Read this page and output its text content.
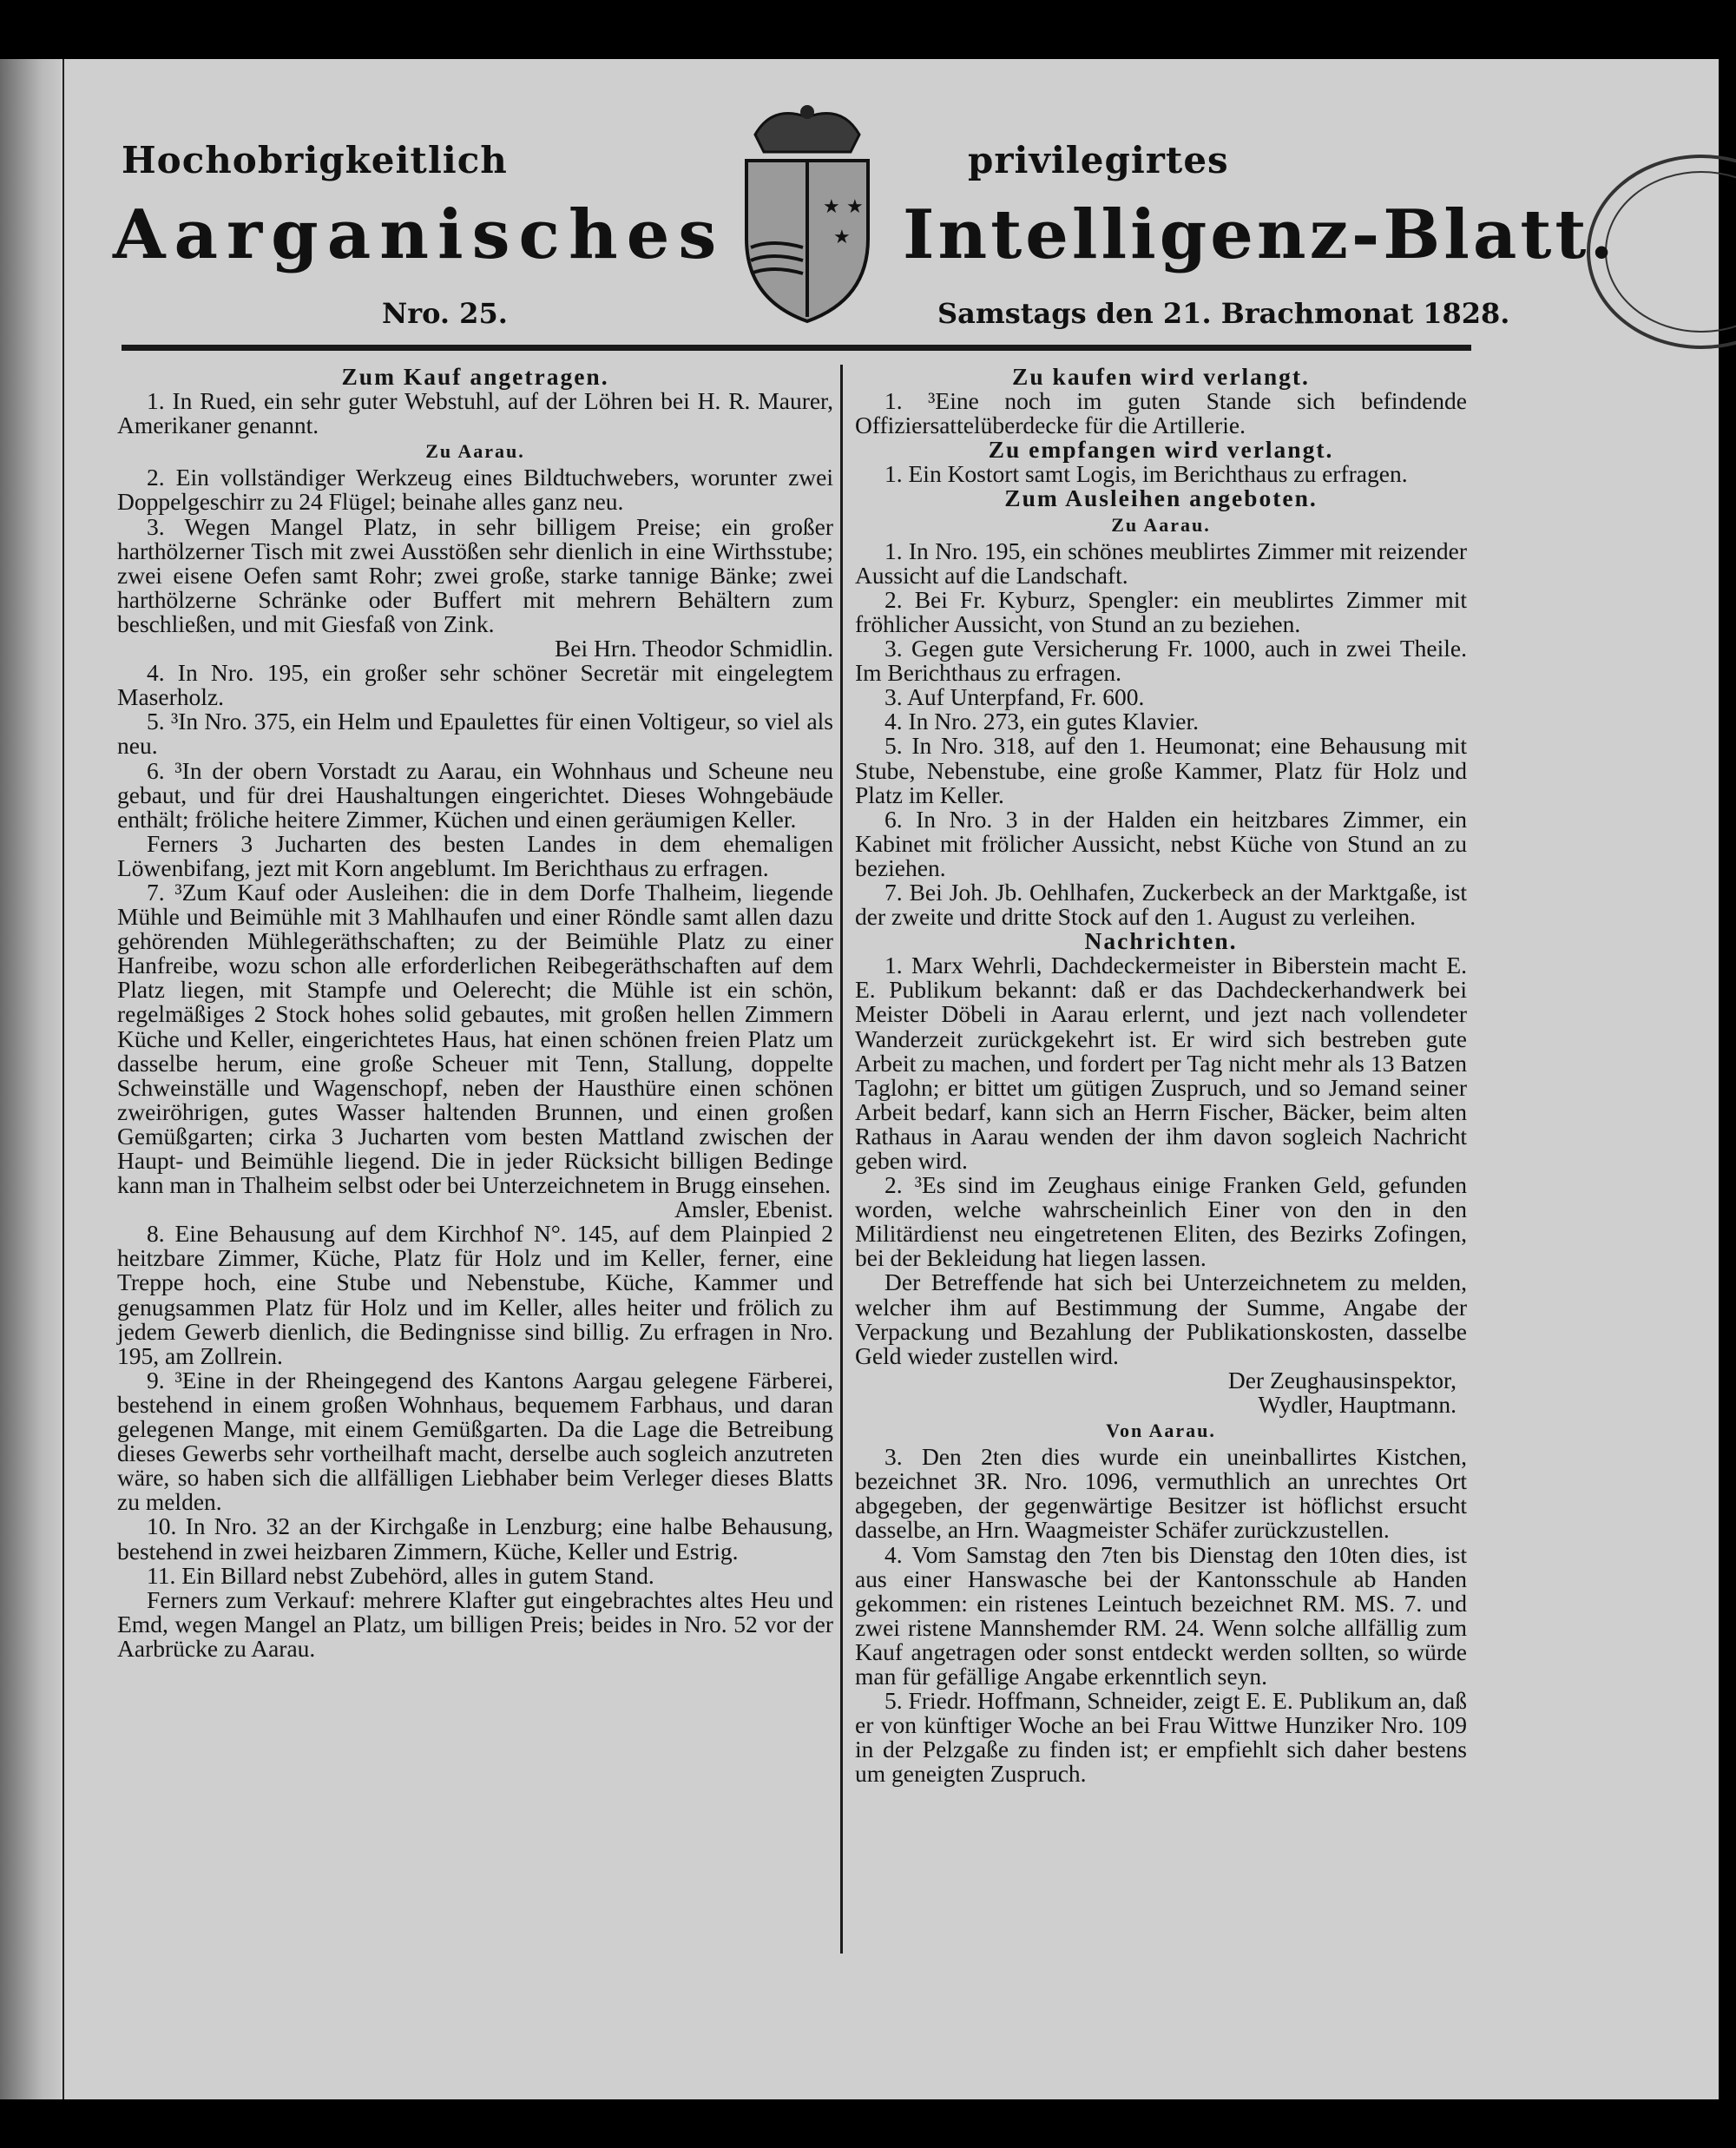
Hochobrigkeitlich	privilegirtes
Aarganisches	Intelligenz-Blatt.
★ ★
★
Nro. 25.	Samstags den 21. Brachmonat 1828.

Zum Kauf angetragen.

1. In Rued, ein sehr guter Webstuhl, auf der Löhren bei H. R. Maurer, Amerikaner genannt.

Zu Aarau.

2. Ein vollständiger Werkzeug eines Bildtuchwebers, worunter zwei Doppelgeschirr zu 24 Flügel; beinahe alles ganz neu.

3. Wegen Mangel Platz, in sehr billigem Preise; ein großer harthölzerner Tisch mit zwei Ausstößen sehr dienlich in eine Wirthsstube; zwei eisene Oefen samt Rohr; zwei große, starke tannige Bänke; zwei harthölzerne Schränke oder Buffert mit mehrern Behältern zum beschließen, und mit Giesfaß von Zink.

Bei Hrn. Theodor Schmidlin.

4. In Nro. 195, ein großer sehr schöner Secretär mit eingelegtem Maserholz.

5. ³In Nro. 375, ein Helm und Epaulettes für einen Voltigeur, so viel als neu.

6. ³In der obern Vorstadt zu Aarau, ein Wohnhaus und Scheune neu gebaut, und für drei Haushaltungen eingerichtet. Dieses Wohngebäude enthält; fröliche heitere Zimmer, Küchen und einen geräumigen Keller.

Ferners 3 Jucharten des besten Landes in dem ehemaligen Löwenbifang, jezt mit Korn angeblumt. Im Berichthaus zu erfragen.

7. ³Zum Kauf oder Ausleihen: die in dem Dorfe Thalheim, liegende Mühle und Beimühle mit 3 Mahlhaufen und einer Röndle samt allen dazu gehörenden Mühlegeräthschaften; zu der Beimühle Platz zu einer Hanfreibe, wozu schon alle erforderlichen Reibegeräthschaften auf dem Platz liegen, mit Stampfe und Oelerecht; die Mühle ist ein schön, regelmäßiges 2 Stock hohes solid gebautes, mit großen hellen Zimmern Küche und Keller, eingerichtetes Haus, hat einen schönen freien Platz um dasselbe herum, eine große Scheuer mit Tenn, Stallung, doppelte Schweinställe und Wagenschopf, neben der Hausthüre einen schönen zweiröhrigen, gutes Wasser haltenden Brunnen, und einen großen Gemüßgarten; cirka 3 Jucharten vom besten Mattland zwischen der Haupt- und Beimühle liegend. Die in jeder Rücksicht billigen Bedinge kann man in Thalheim selbst oder bei Unterzeichnetem in Brugg einsehen.

Amsler, Ebenist.

8. Eine Behausung auf dem Kirchhof N°. 145, auf dem Plainpied 2 heitzbare Zimmer, Küche, Platz für Holz und im Keller, ferner, eine Treppe hoch, eine Stube und Nebenstube, Küche, Kammer und genugsammen Platz für Holz und im Keller, alles heiter und frölich zu jedem Gewerb dienlich, die Bedingnisse sind billig. Zu erfragen in Nro. 195, am Zollrein.

9. ³Eine in der Rheingegend des Kantons Aargau gelegene Färberei, bestehend in einem großen Wohnhaus, bequemem Farbhaus, und daran gelegenen Mange, mit einem Gemüßgarten. Da die Lage die Betreibung dieses Gewerbs sehr vortheilhaft macht, derselbe auch sogleich anzutreten wäre, so haben sich die allfälligen Liebhaber beim Verleger dieses Blatts zu melden.

10. In Nro. 32 an der Kirchgaße in Lenzburg; eine halbe Behausung, bestehend in zwei heizbaren Zimmern, Küche, Keller und Estrig.

11. Ein Billard nebst Zubehörd, alles in gutem Stand.

Ferners zum Verkauf: mehrere Klafter gut eingebrachtes altes Heu und Emd, wegen Mangel an Platz, um billigen Preis; beides in Nro. 52 vor der Aarbrücke zu Aarau.

Zu kaufen wird verlangt.

1. ³Eine noch im guten Stande sich befindende Offiziersattelüberdecke für die Artillerie.

Zu empfangen wird verlangt.

1. Ein Kostort samt Logis, im Berichthaus zu erfragen.

Zum Ausleihen angeboten.

Zu Aarau.

1. In Nro. 195, ein schönes meublirtes Zimmer mit reizender Aussicht auf die Landschaft.

2. Bei Fr. Kyburz, Spengler: ein meublirtes Zimmer mit fröhlicher Aussicht, von Stund an zu beziehen.

3. Gegen gute Versicherung Fr. 1000, auch in zwei Theile. Im Berichthaus zu erfragen.

3. Auf Unterpfand, Fr. 600.

4. In Nro. 273, ein gutes Klavier.

5. In Nro. 318, auf den 1. Heumonat; eine Behausung mit Stube, Nebenstube, eine große Kammer, Platz für Holz und Platz im Keller.

6. In Nro. 3 in der Halden ein heitzbares Zimmer, ein Kabinet mit frölicher Aussicht, nebst Küche von Stund an zu beziehen.

7. Bei Joh. Jb. Oehlhafen, Zuckerbeck an der Marktgaße, ist der zweite und dritte Stock auf den 1. August zu verleihen.

Nachrichten.

1. Marx Wehrli, Dachdeckermeister in Biberstein macht E. E. Publikum bekannt: daß er das Dachdeckerhandwerk bei Meister Döbeli in Aarau erlernt, und jezt nach vollendeter Wanderzeit zurückgekehrt ist. Er wird sich bestreben gute Arbeit zu machen, und fordert per Tag nicht mehr als 13 Batzen Taglohn; er bittet um gütigen Zuspruch, und so Jemand seiner Arbeit bedarf, kann sich an Herrn Fischer, Bäcker, beim alten Rathaus in Aarau wenden der ihm davon sogleich Nachricht geben wird.

2. ³Es sind im Zeughaus einige Franken Geld, gefunden worden, welche wahrscheinlich Einer von den in den Militärdienst neu eingetretenen Eliten, des Bezirks Zofingen, bei der Bekleidung hat liegen lassen.

Der Betreffende hat sich bei Unterzeichnetem zu melden, welcher ihm auf Bestimmung der Summe, Angabe der Verpackung und Bezahlung der Publikationskosten, dasselbe Geld wieder zustellen wird.

Der Zeughausinspektor,

Wydler, Hauptmann.

Von Aarau.

3. Den 2ten dies wurde ein uneinballirtes Kistchen, bezeichnet ЗR. Nro. 1096, vermuthlich an unrechtes Ort abgegeben, der gegenwärtige Besitzer ist höflichst ersucht dasselbe, an Hrn. Waagmeister Schäfer zurückzustellen.

4. Vom Samstag den 7ten bis Dienstag den 10ten dies, ist aus einer Hanswasche bei der Kantonsschule ab Handen gekommen: ein ristenes Leintuch bezeichnet RM. MS. 7. und zwei ristene Mannshemder RM. 24. Wenn solche allfällig zum Kauf angetragen oder sonst entdeckt werden sollten, so würde man für gefällige Angabe erkenntlich seyn.

5. Friedr. Hoffmann, Schneider, zeigt E. E. Publikum an, daß er von künftiger Woche an bei Frau Wittwe Hunziker Nro. 109 in der Pelzgaße zu finden ist; er empfiehlt sich daher bestens um geneigten Zuspruch.
